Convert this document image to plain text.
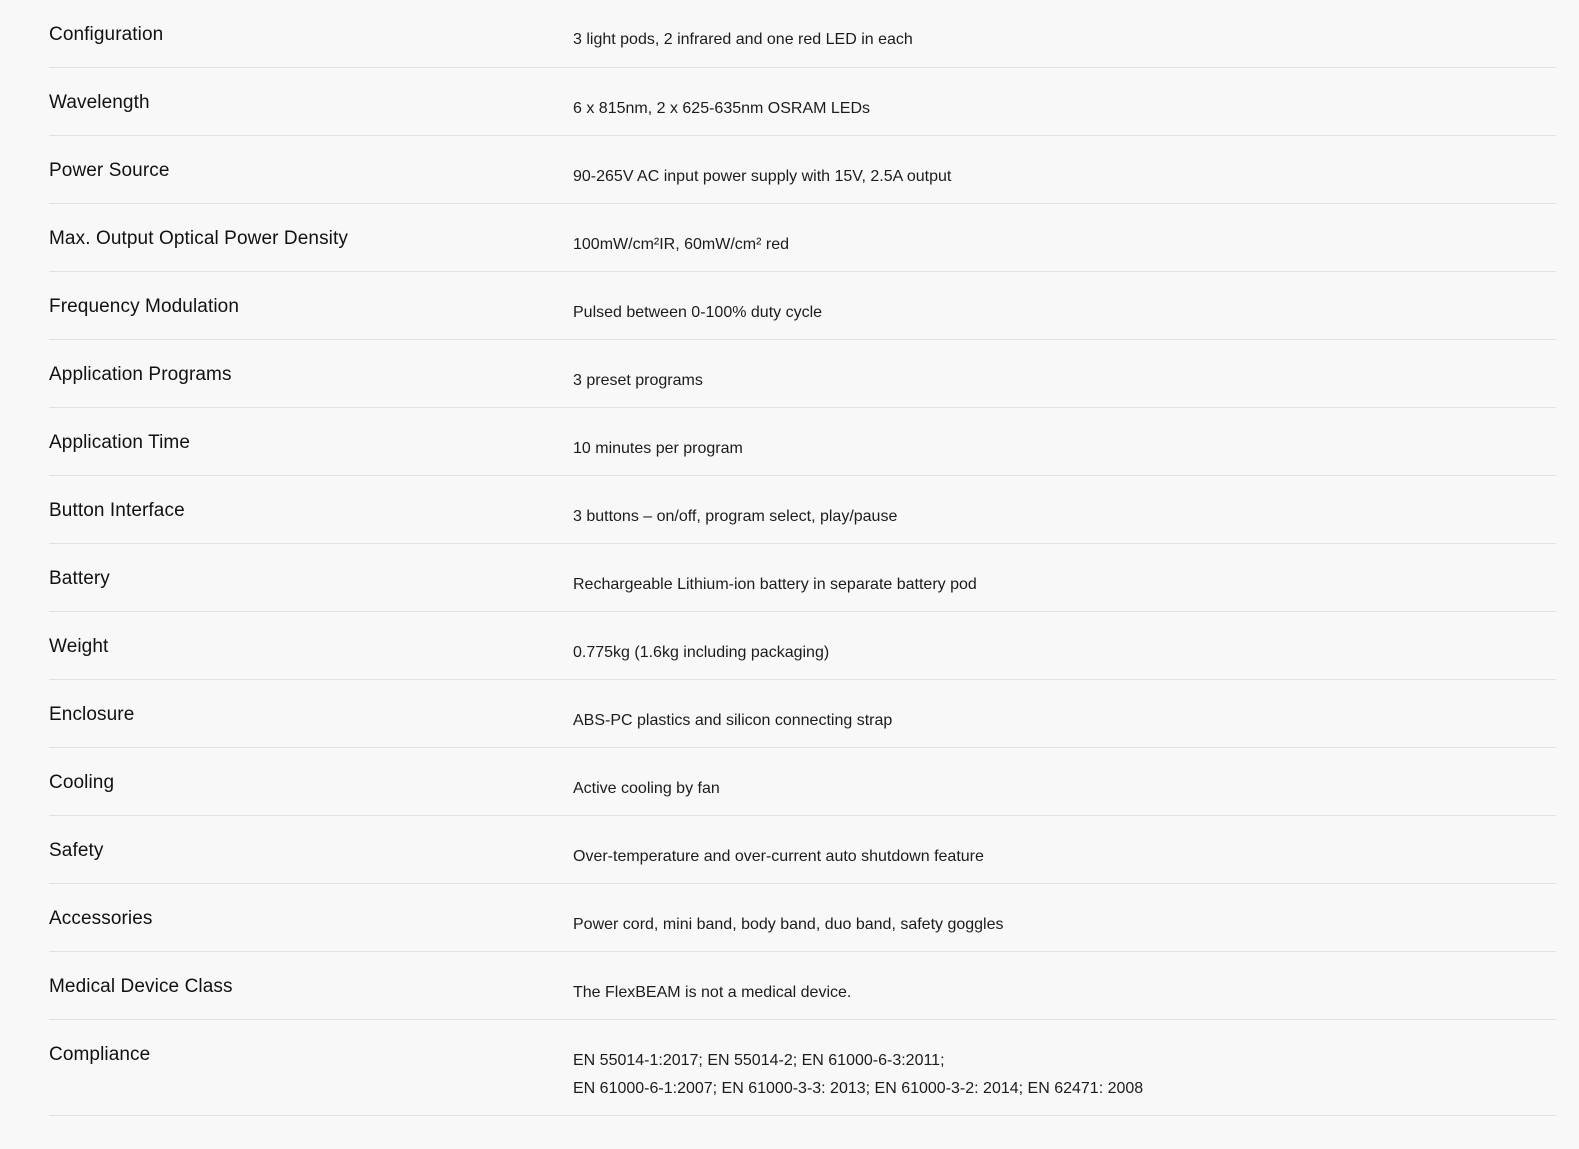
Configuration	3 light pods, 2 infrared and one red LED in each
Wavelength	6 x 815nm, 2 x 625-635nm OSRAM LEDs
Power Source	90-265V AC input power supply with 15V, 2.5A output
Max. Output Optical Power Density	100mW/cm²IR, 60mW/cm² red
Frequency Modulation	Pulsed between 0-100% duty cycle
Application Programs	3 preset programs
Application Time	10 minutes per program
Button Interface	3 buttons – on/off, program select, play/pause
Battery	Rechargeable Lithium-ion battery in separate battery pod
Weight	0.775kg (1.6kg including packaging)
Enclosure	ABS-PC plastics and silicon connecting strap
Cooling	Active cooling by fan
Safety	Over-temperature and over-current auto shutdown feature
Accessories	Power cord, mini band, body band, duo band, safety goggles
Medical Device Class	The FlexBEAM is not a medical device.
Compliance	EN 55014-1:2017; EN 55014-2; EN 61000-6-3:2011;
EN 61000-6-1:2007; EN 61000-3-3: 2013; EN 61000-3-2: 2014; EN 62471: 2008
